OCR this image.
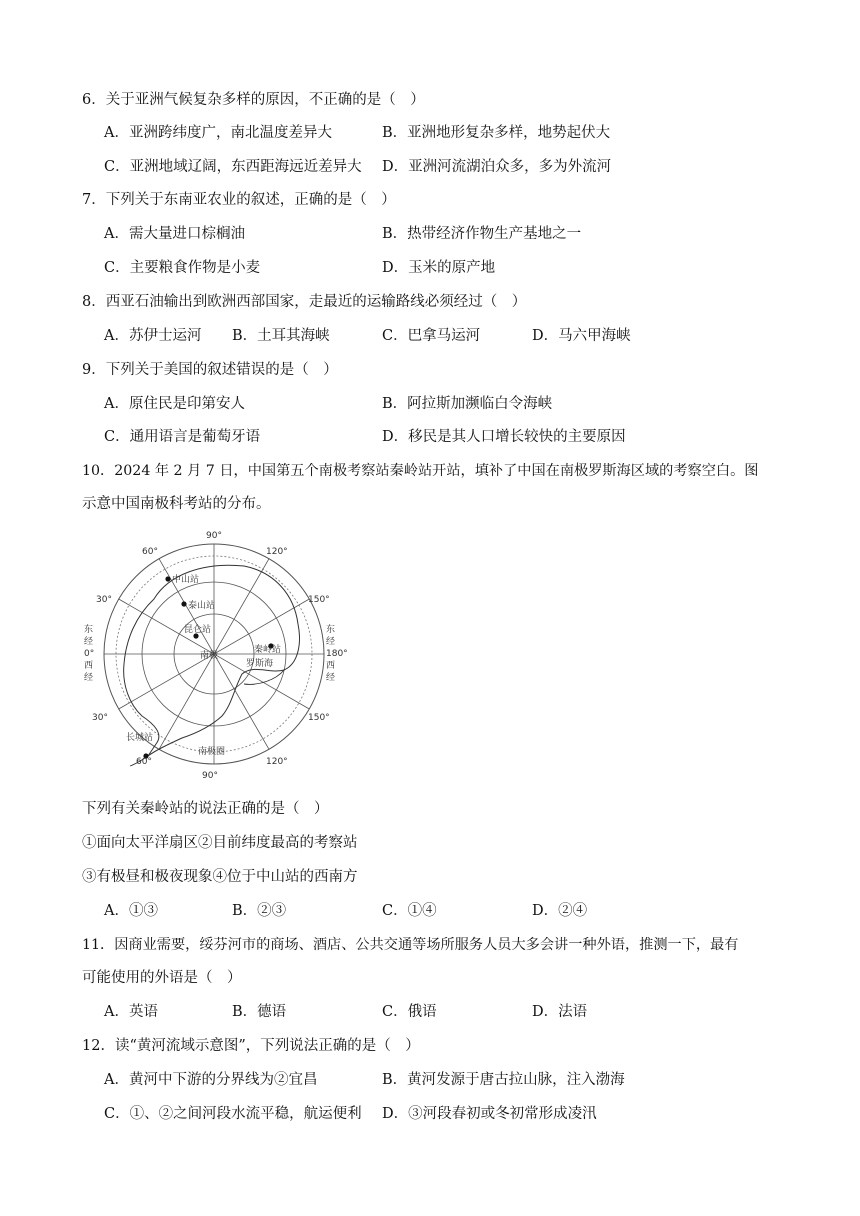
6．关于亚洲气候复杂多样的原因，不正确的是（　）
A．亚洲跨纬度广，南北温度差异大	B．亚洲地形复杂多样，地势起伏大
C．亚洲地域辽阔，东西距海远近差异大 D．亚洲河流湖泊众多，多为外流河
7．下列关于东南亚农业的叙述，正确的是（　）
A．需大量进口棕榈油	B．热带经济作物生产基地之一
C．主要粮食作物是小麦	D．玉米的原产地
8．西亚石油输出到欧洲西部国家，走最近的运输路线必须经过（　）
A．苏伊士运河 B．土耳其海峡	C．巴拿马运河	D．马六甲海峡
9．下列关于美国的叙述错误的是（　）
A．原住民是印第安人	B．阿拉斯加濒临白令海峡
C．通用语言是葡萄牙语	D．移民是其人口增长较快的主要原因
10．2024 年 2 月 7 日，中国第五个南极考察站秦岭站开站，填补了中国在南极罗斯海区域的考察空白。图
示意中国南极科考站的分布。
90°
120°
150°
60°
30°
东
经
0°
西
经
东
经
180°
西
经
30°
60°
90°
120°
150°
中山站
泰山站
昆仑站
秦岭站
罗斯海
南极
长城站
南极圈
下列有关秦岭站的说法正确的是（　）
①面向太平洋扇区②目前纬度最高的考察站
③有极昼和极夜现象④位于中山站的西南方
A．①③	B．②③	C．①④	D．②④
11．因商业需要，绥芬河市的商场、酒店、公共交通等场所服务人员大多会讲一种外语，推测一下，最有
可能使用的外语是（　）
A．英语	B．德语	C．俄语	D．法语
12．读“黄河流域示意图”，下列说法正确的是（　）
A．黄河中下游的分界线为②宜昌	B．黄河发源于唐古拉山脉，注入渤海
C．①、②之间河段水流平稳，航运便利 D．③河段春初或冬初常形成凌汛
